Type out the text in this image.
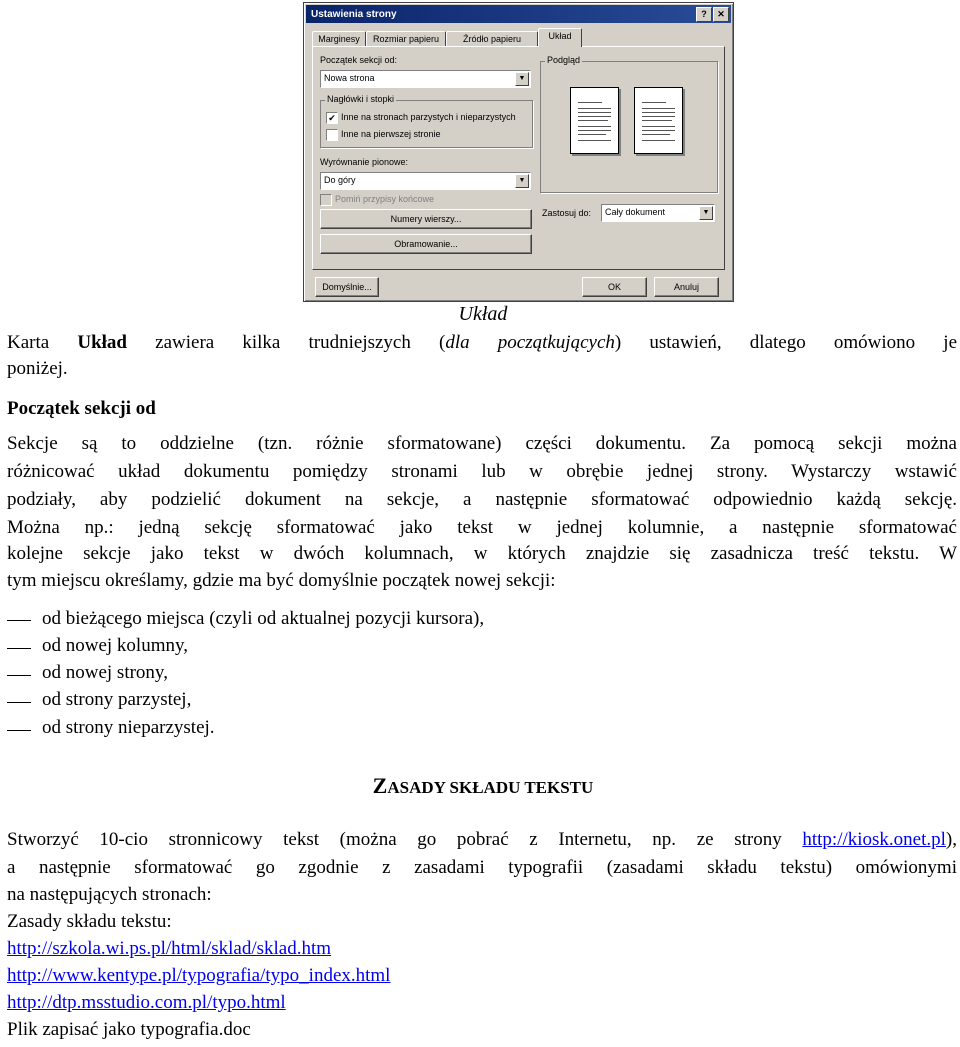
Ustawienia strony	?	✕
Marginesy	Rozmiar papieru	Źródło papieru	Układ
Początek sekcji od:
Nowa strona	▼
Nagłówki i stopki
✔ Inne na stronach parzystych i nieparzystych
Inne na pierwszej stronie
Wyrównanie pionowe:
Do góry	▼
Pomiń przypisy końcowe
Numery wierszy...
Obramowanie...
Podgląd
Zastosuj do: Cały dokument	▼
Domyślnie...	OK	Anuluj
Układ
Karta Układ zawiera kilka trudniejszych (dla początkujących) ustawień, dlatego omówiono je
poniżej.
Początek sekcji od
Sekcje są to oddzielne (tzn. różnie sformatowane) części dokumentu. Za pomocą sekcji można
różnicować układ dokumentu pomiędzy stronami lub w obrębie jednej strony. Wystarczy wstawić
podziały, aby podzielić dokument na sekcje, a następnie sformatować odpowiednio każdą sekcję.
Można np.: jedną sekcję sformatować jako tekst w jednej kolumnie, a następnie sformatować
kolejne sekcje jako tekst w dwóch kolumnach, w których znajdzie się zasadnicza treść tekstu. W
tym miejscu określamy, gdzie ma być domyślnie początek nowej sekcji:
od bieżącego miejsca (czyli od aktualnej pozycji kursora),
od nowej kolumny,
od nowej strony,
od strony parzystej,
od strony nieparzystej.
ZASADY SKŁADU TEKSTU
Stworzyć 10-cio stronnicowy tekst (można go pobrać z Internetu, np. ze strony http://kiosk.onet.pl),
a następnie sformatować go zgodnie z zasadami typografii (zasadami składu tekstu) omówionymi
na następujących stronach:
Zasady składu tekstu:
http://szkola.wi.ps.pl/html/sklad/sklad.htm
http://www.kentype.pl/typografia/typo_index.html
http://dtp.msstudio.com.pl/typo.html
Plik zapisać jako typografia.doc
